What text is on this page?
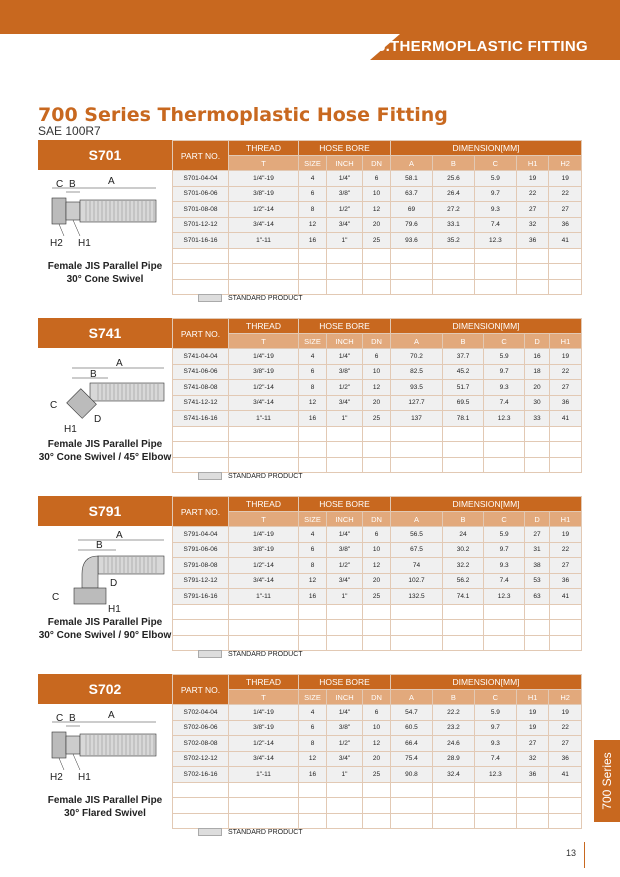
6.THERMOPLASTIC FITTING
700 Series Thermoplastic Hose Fitting
SAE 100R7
S701
C B	A
H2 H1
Female JIS Parallel Pipe
30° Cone Swivel
PART NO.	THREAD	HOSE BORE			DIMENSION[MM]				
	T	SIZE	INCH	DN	A	B	C	H1	H2
S701-04-04	1/4"-19	4	1/4"	6	58.1	25.6	5.9	19	19
S701-06-06	3/8"-19	6	3/8"	10	63.7	26.4	9.7	22	22
S701-08-08	1/2"-14	8	1/2"	12	69	27.2	9.3	27	27
S701-12-12	3/4"-14	12	3/4"	20	79.6	33.1	7.4	32	36
S701-16-16	1"-11	16	1"	25	93.6	35.2	12.3	36	41

STANDARD PRODUCT
S741
A
B
C
D
H1
Female JIS Parallel Pipe
30° Cone Swivel / 45° Elbow
PART NO.	THREAD	HOSE BORE			DIMENSION[MM]				
	T	SIZE	INCH	DN	A	B	C	D	H1
S741-04-04	1/4"-19	4	1/4"	6	70.2	37.7	5.9	16	19
S741-06-06	3/8"-19	6	3/8"	10	82.5	45.2	9.7	18	22
S741-08-08	1/2"-14	8	1/2"	12	93.5	51.7	9.3	20	27
S741-12-12	3/4"-14	12	3/4"	20	127.7	69.5	7.4	30	36
S741-16-16	1"-11	16	1"	25	137	78.1	12.3	33	41

STANDARD PRODUCT
S791
A
B
C
D
H1
Female JIS Parallel Pipe
30° Cone Swivel / 90° Elbow
PART NO.	THREAD	HOSE BORE			DIMENSION[MM]				
	T	SIZE	INCH	DN	A	B	C	D	H1
S791-04-04	1/4"-19	4	1/4"	6	56.5	24	5.9	27	19
S791-06-06	3/8"-19	6	3/8"	10	67.5	30.2	9.7	31	22
S791-08-08	1/2"-14	8	1/2"	12	74	32.2	9.3	38	27
S791-12-12	3/4"-14	12	3/4"	20	102.7	56.2	7.4	53	36
S791-16-16	1"-11	16	1"	25	132.5	74.1	12.3	63	41

STANDARD PRODUCT
S702
C B	A
H2 H1
Female JIS Parallel Pipe
30° Flared Swivel
PART NO.	THREAD	HOSE BORE			DIMENSION[MM]				
	T	SIZE	INCH	DN	A	B	C	H1	H2
S702-04-04	1/4"-19	4	1/4"	6	54.7	22.2	5.9	19	19
S702-06-06	3/8"-19	6	3/8"	10	60.5	23.2	9.7	19	22
S702-08-08	1/2"-14	8	1/2"	12	66.4	24.6	9.3	27	27
S702-12-12	3/4"-14	12	3/4"	20	75.4	28.9	7.4	32	36
S702-16-16	1"-11	16	1"	25	90.8	32.4	12.3	36	41

STANDARD PRODUCT
700 Series
13
